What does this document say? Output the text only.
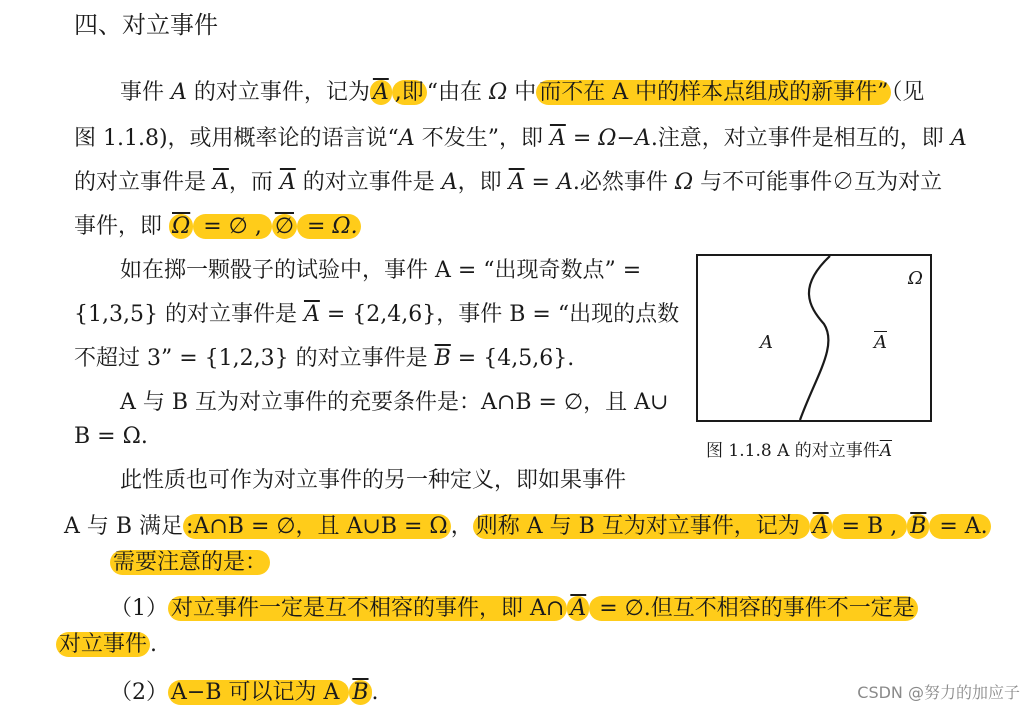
四、对立事件
事件 A 的对立事件，记为 $\overline{A}$ ,即 “由在 Ω 中 而不在 A 中的样本点组成的新事件” （见
图 1.1.8)，或用概率论的语言说“A 不发生”，即 $\overline{A} = \Omega-A$.注意，对立事件是相互的，即 A
的对立事件是 $\overline{A}$，而 $\overline{A}$ 的对立事件是 A，即 $\overline{A} = A$.必然事件 Ω 与不可能事件∅互为对立
事件，即 $\overline{\Omega}$ = ∅ , ∅ = Ω.
如在掷一颗骰子的试验中，事件 A = “出现奇数点” =
{1,3,5} 的对立事件是 $\overline{A} = \{2,4,6\}$，事件 B = “出现的点数
不超过 3” = {1,2,3} 的对立事件是 $\overline{B} = \{4,5,6\}$.
A 与 B 互为对立事件的充要条件是：A∩B = ∅，且 A∪
B = Ω.
此性质也可作为对立事件的另一种定义，即如果事件
A 与 B 满足 :A∩B = ∅，且 A∪B = Ω ， 则称 A 与 B 互为对立事件，记为 $\overline{A} = B$ , $\overline{B} = A$.
需要注意的是：
（1） 对立事件一定是互不相容的事件，即 A∩ $\overline{A}$ = ∅.但互不相容的事件不一定是
对立事件 .
（2） A−B 可以记为 A $\overline{B}$ .
Ω
A	$\overline{A}$
图 1.1.8 A 的对立事件$\overline{A}$
CSDN @努力的加应子
